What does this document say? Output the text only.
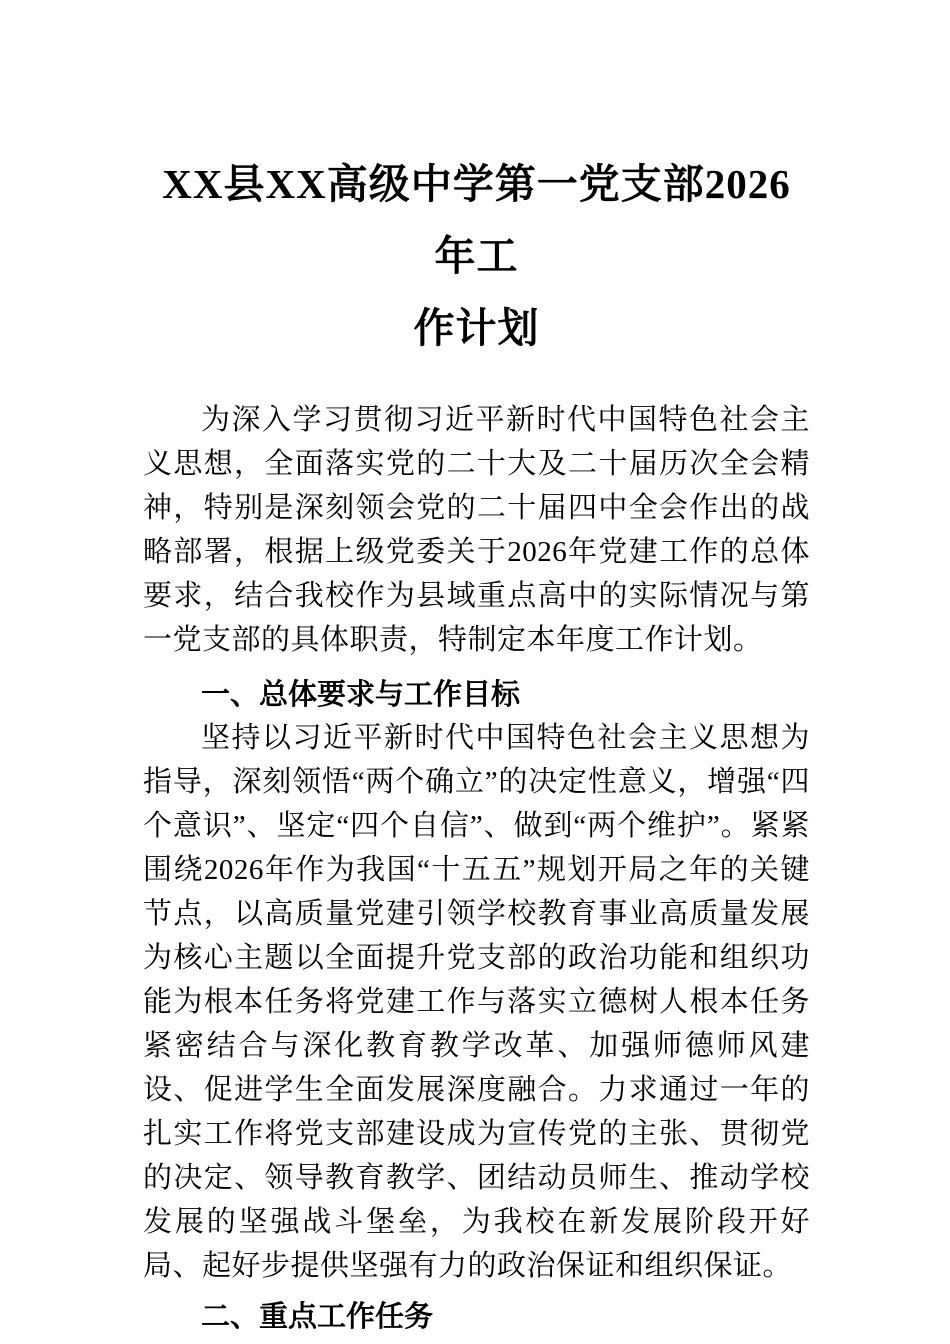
XX县XX高级中学第一党支部2026年工
作计划

为深入学习贯彻习近平新时代中国特色社会主义思想，全面落实党的二十大及二十届历次全会精神，特别是深刻领会党的二十届四中全会作出的战略部署，根据上级党委关于2026年党建工作的总体要求，结合我校作为县域重点高中的实际情况与第一党支部的具体职责，特制定本年度工作计划。

一、总体要求与工作目标

坚持以习近平新时代中国特色社会主义思想为指导，深刻领悟“两个确立”的决定性意义，增强“四个意识”、坚定“四个自信”、做到“两个维护”。紧紧围绕2026年作为我国“十五五”规划开局之年的关键节点，以高质量党建引领学校教育事业高质量发展为核心主题以全面提升党支部的政治功能和组织功能为根本任务将党建工作与落实立德树人根本任务紧密结合与深化教育教学改革、加强师德师风建设、促进学生全面发展深度融合。力求通过一年的扎实工作将党支部建设成为宣传党的主张、贯彻党的决定、领导教育教学、团结动员师生、推动学校发展的坚强战斗堡垒，为我校在新发展阶段开好局、起好步提供坚强有力的政治保证和组织保证。

二、重点工作任务
